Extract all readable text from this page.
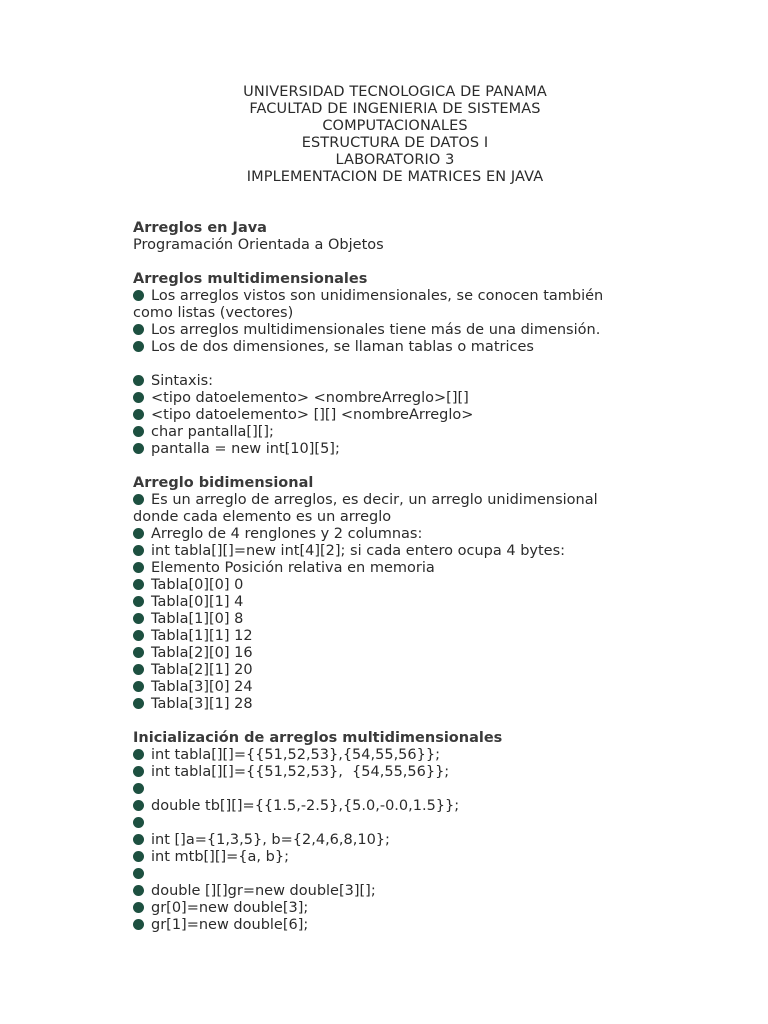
UNIVERSIDAD TECNOLOGICA DE PANAMA
FACULTAD DE INGENIERIA DE SISTEMAS
COMPUTACIONALES
ESTRUCTURA DE DATOS I
LABORATORIO 3
IMPLEMENTACION DE MATRICES EN JAVA
Arreglos en Java
Programación Orientada a Objetos
Arreglos multidimensionales
Los arreglos vistos son unidimensionales, se conocen también
como listas (vectores)
Los arreglos multidimensionales tiene más de una dimensión.
Los de dos dimensiones, se llaman tablas o matrices
Sintaxis:
<tipo datoelemento> <nombreArreglo>[][]
<tipo datoelemento> [][] <nombreArreglo>
char pantalla[][];
pantalla = new int[10][5];
Arreglo bidimensional
Es un arreglo de arreglos, es decir, un arreglo unidimensional
donde cada elemento es un arreglo
Arreglo de 4 renglones y 2 columnas:
int tabla[][]=new int[4][2]; si cada entero ocupa 4 bytes:
Elemento Posición relativa en memoria
Tabla[0][0] 0
Tabla[0][1] 4
Tabla[1][0] 8
Tabla[1][1] 12
Tabla[2][0] 16
Tabla[2][1] 20
Tabla[3][0] 24
Tabla[3][1] 28
Inicialización de arreglos multidimensionales
int tabla[][]={{51,52,53},{54,55,56}};
int tabla[][]={{51,52,53},  {54,55,56}};
double tb[][]={{1.5,-2.5},{5.0,-0.0,1.5}};
int []a={1,3,5}, b={2,4,6,8,10};
int mtb[][]={a, b};
double [][]gr=new double[3][];
gr[0]=new double[3];
gr[1]=new double[6];
